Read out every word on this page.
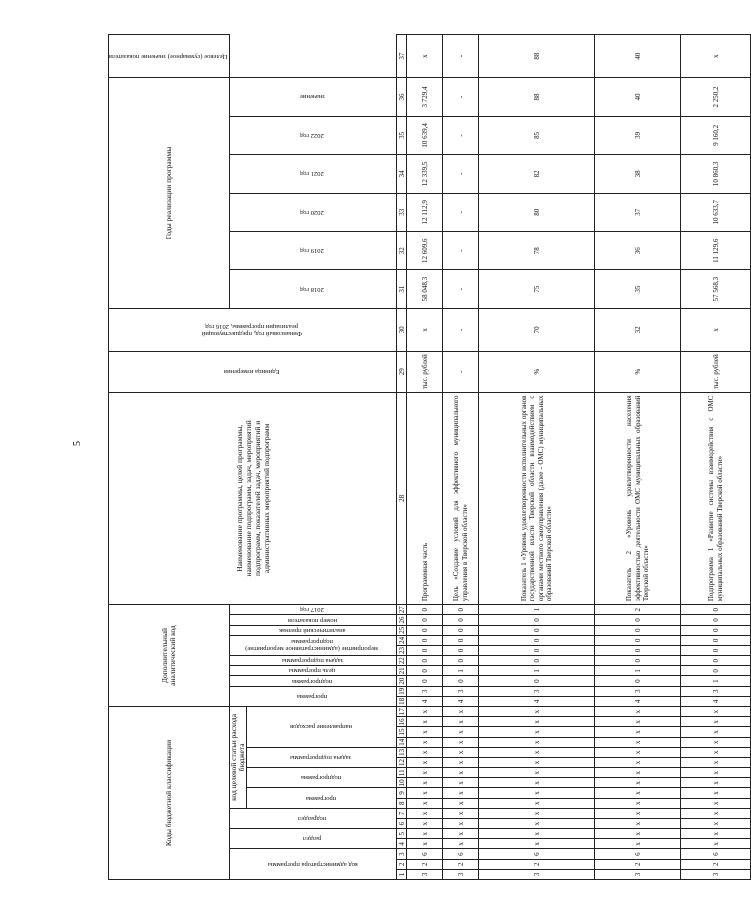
5
Коды бюджетной классификации																	Дополнительный аналитический код										Наименование программы, целей программы, наименование подпрограмм, задач, мероприятий подпрограмм, показателей задач, мероприятий и административных мероприятий подпрограмм	Единица измерения	Финансовый год, предшествующий реализации программы, 2016 год	Годы реализации программы						Целевое (суммарное) значение показателя
код администратора программы			раздел		подраздел		код целевой статьи расхода бюджета										программа		подпрограмма	цель программы	задача подпрограммы	мероприятие (административное мероприятие) подпрограммы		аналитический признак	номер показателя	2017 год				2018 год	2019 год	2020 год	2021 год	2022 год	значение	
							программа		подпрограмма		задача подпрограммы		направление расходов																							
1	2	3	4	5	6	7	8	9	10	11	12	13	14	15	16	17	18	19	20	21	22	23	24	25	26	27	28	29	30	31	32	33	34	35	36	37
3	2	6	х	х	х	х	х	х	х	х	х	х	х	х	х	х	4	3	0	0	0	0	0	0	0	0	Программная часть	тыс. рублей	х	58 048,3	12 609,6	12 112,9	12 339,5	10 639,4	3 729,4	х
3	2	6	х	х	х	х	х	х	х	х	х	х	х	х	х	х	4	3	0	1	0	0	0	0	0	0	Цель «Создание условий для эффективного муниципального управления в Тверской области»	-	-	-	-	-	-	-	-	-
3	2	6	х	х	х	х	х	х	х	х	х	х	х	х	х	х	4	3	0	1	0	0	0	0	0	1	Показатель 1 «Уровень удовлетворенности исполнительных органов государственной власти Тверской области взаимодействием с органами местного самоуправления (далее - ОМС) муниципальных образований Тверской области»	%	70	75	78	80	82	85	88	88
3	2	6	х	х	х	х	х	х	х	х	х	х	х	х	х	х	4	3	0	1	0	0	0	0	0	2	Показатель 2 «Уровень удовлетворенности населения эффективностью деятельности ОМС муниципальных образований Тверской области»	%	32	35	36	37	38	39	40	40
3	2	6	х	х	х	х	х	х	х	х	х	х	х	х	х	х	4	3	1	0	0	0	0	0	0	0	Подпрограмма 1 «Развитие системы взаимодействия с ОМС муниципальных образований Тверской области»	тыс. рублей	х	57 568,3	11 129,6	10 633,7	10 860,3	9 160,2	2 250,2	х
